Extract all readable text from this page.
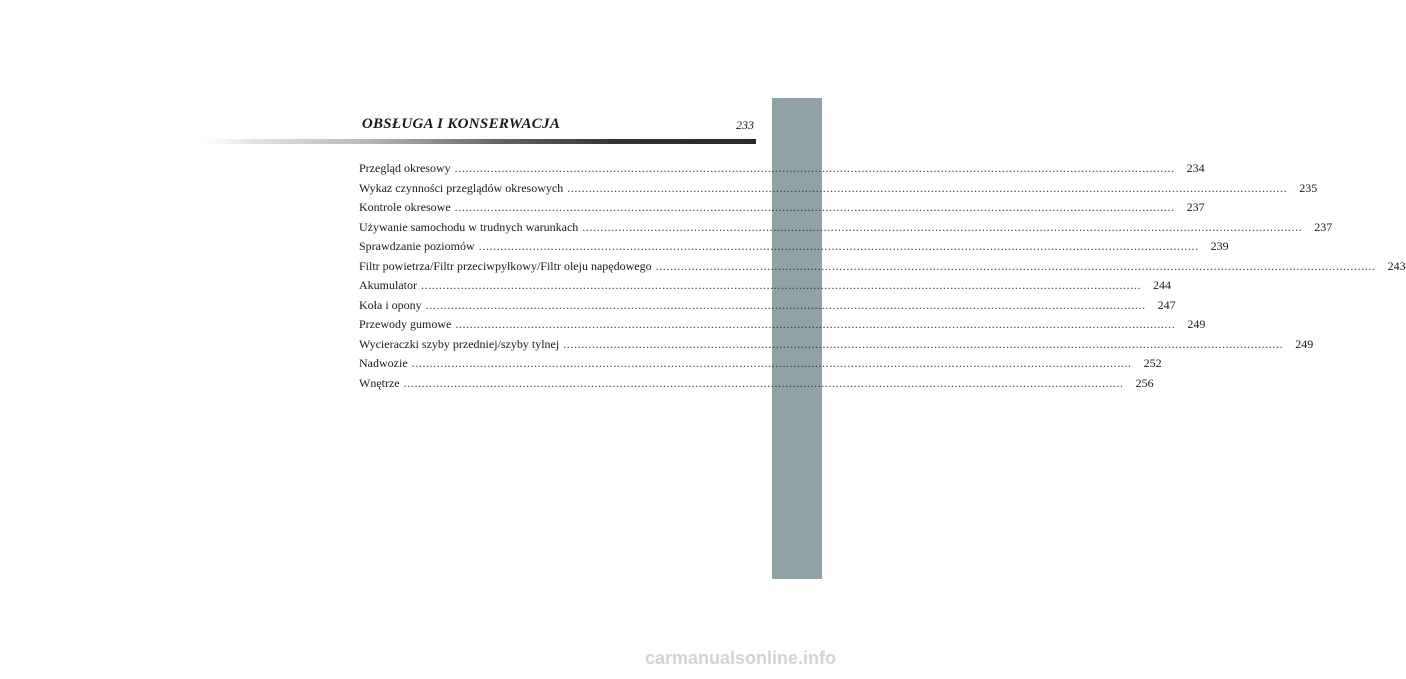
OBSŁUGA I KONSERWACJA	233
Przegląd okresowy ........................................................................................................................................................................................................	234
Wykaz czynności przeglądów okresowych ........................................................................................................................................................................................................	235
Kontrole okresowe ........................................................................................................................................................................................................	237
Używanie samochodu w trudnych warunkach ........................................................................................................................................................................................................	237
Sprawdzanie poziomów ........................................................................................................................................................................................................	239
Filtr powietrza/Filtr przeciwpyłkowy/Filtr oleju napędowego ........................................................................................................................................................................................................	243
Akumulator ........................................................................................................................................................................................................	244
Koła i opony ........................................................................................................................................................................................................	247
Przewody gumowe ........................................................................................................................................................................................................	249
Wycieraczki szyby przedniej/szyby tylnej ........................................................................................................................................................................................................	249
Nadwozie ........................................................................................................................................................................................................	252
Wnętrze ........................................................................................................................................................................................................	256
carmanualsonline.info
